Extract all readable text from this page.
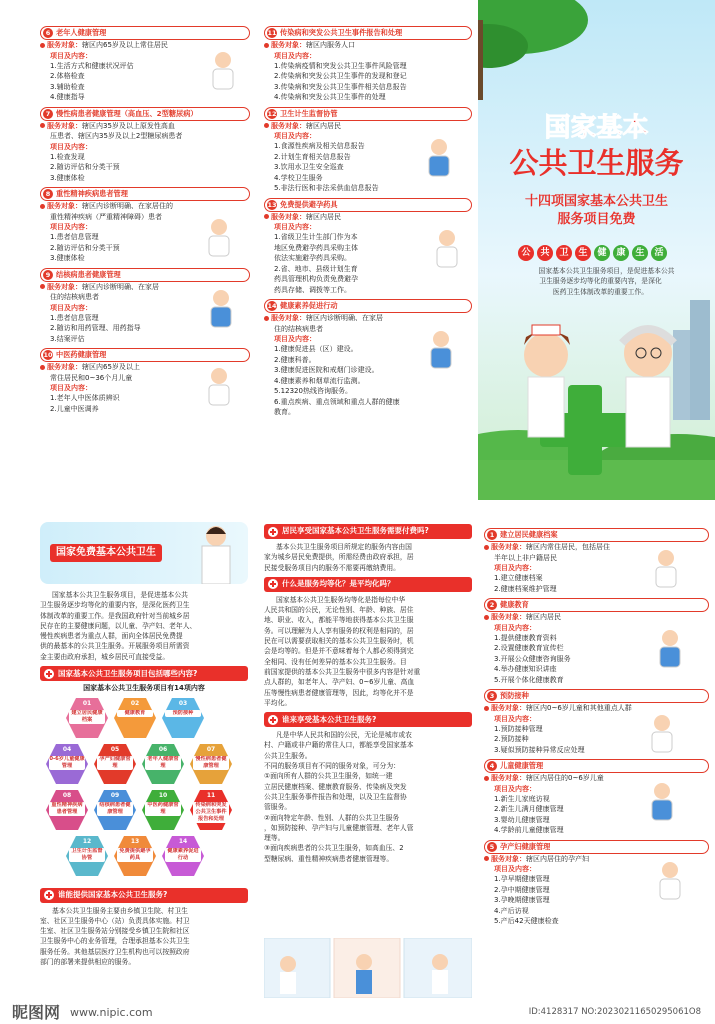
6 老年人健康管理
服务对象：辖区内65岁及以上常住居民
项目及内容：
1.生活方式和健康状况评估
2.体格检查
3.辅助检查
4.健康指导
7 慢性病患者健康管理（高血压、2型糖尿病）
服务对象：辖区内35岁及以上原发性高血
压患者、辖区内35岁及以上2型糖尿病患者
项目及内容：
1.检查发现
2.随访评估和分类干预
3.健康体检
8 重性精神疾病患者管理
服务对象：辖区内诊断明确、在家居住的
重性精神疾病（严重精神障碍）患者
项目及内容：
1.患者信息管理
2.随访评估和分类干预
3.健康体检
9 结核病患者健康管理
服务对象：辖区内诊断明确、在家居
住的结核病患者
项目及内容：
1.患者信息管理
2.随访和用药管理、用药指导
3.结案评估
10 中医药健康管理
服务对象：辖区内65岁及以上
常住居民和0~36个月儿童
项目及内容：
1.老年人中医体质辨识
2.儿童中医调养
11 传染病和突发公共卫生事件报告和处理
服务对象：辖区内服务人口
项目及内容：
1.传染病疫情和突发公共卫生事件风险管理
2.传染病和突发公共卫生事件的发现和登记
3.传染病和突发公共卫生事件相关信息报告
4.传染病和突发公共卫生事件的处理
12 卫生计生监督协管
服务对象：辖区内居民
项目及内容：
1.食源性疾病及相关信息报告
2.计划生育相关信息报告
3.饮用水卫生安全巡查
4.学校卫生服务
5.非法行医和非法采供血信息报告
13 免费提供避孕药具
服务对象：辖区内居民
项目及内容：
1.省级卫生计生部门作为本
地区免费避孕药具采购主体
依法实施避孕药具采购。
2.省、地市、县级计划生育
药具管理机构负责免费避孕
药具存储、调拨等工作。
14 健康素养促进行动
服务对象：辖区内诊断明确、在家居
住的结核病患者
项目及内容：
1.健康促进县（区）建设。
2.健康科普。
3.健康促进医院和戒烟门诊建设。
4.健康素养和烟草流行监测。
5.12320热线咨询服务。
6.重点疾病、重点领域和重点人群的健康
教育。
国家基本
公共卫生服务
十四项国家基本公共卫生
服务项目免费
公	共	卫	生	健	康	生	活
国家基本公共卫生服务项目，是促进基本公共
卫生服务逐步均等化的重要内容，是深化
医药卫生体制改革的重要工作。
国家免费基本公共卫生
国家基本公共卫生服务项目，是促进基本公共
卫生服务逐步均等化的重要内容，是深化医药卫生
体制改革的重要工作。是我国政府针对当前城乡居
民存在的主要健康问题，以儿童、孕产妇、老年人、
慢性疾病患者为重点人群，面向全体居民免费提
供的最基本的公共卫生服务。开展服务项目所需资
金主要由政府承担，城乡居民可直接受益。
国家基本公共卫生服务项目包括哪些内容?
国家基本公共卫生服务项目有14项内容
01
建立居民健康档案
02
健康教育
03
预防接种
04
0-6岁儿童健康管理
05
孕产妇健康管理
06
老年人健康管理
07
慢性病患者健康管理
08
重性精神疾病患者管理
09
结核病患者健康管理
10
中医药健康管理
11
传染病和突发公共卫生事件报告和处理
12
卫生计生监督协管
13
免费提供避孕药具
14
健康素养促进行动
谁能提供国家基本公共卫生服务?
基本公共卫生服务主要由乡镇卫生院、村卫生
室、社区卫生服务中心（站）负责具体实施。村卫
生室、社区卫生服务站分别接受乡镇卫生院和社区
卫生服务中心的业务管理，合理承担基本公共卫生
服务任务。其他基层医疗卫生机构也可以按照政府
部门的部署来提供相应的服务。
居民享受国家基本公共卫生服务需要付费吗?
基本公共卫生服务项目所规定的服务内容由国
家为城乡居民免费提供，所需经费由政府承担，居
民接受服务项目内的服务不需要再缴纳费用。
什么是服务均等化？是平均化吗？
国家基本公共卫生服务均等化是指每位中华
人民共和国的公民，无论性别、年龄、种族、居住
地、职业、收入，都能平等地获得基本公共卫生服
务。可以理解为人人享有服务的权利是相同的，居
民在可以需要获取相关的基本公共卫生服务时，机
会是均等的。但是并不意味着每个人都必须得到完
全相同、没有任何差异的基本公共卫生服务。目
前国家提供的基本公共卫生服务中很多内容是针对重
点人群的，如老年人、孕产妇、0~6岁儿童、高血
压等慢性病患者健康管理等，因此，均等化并不是
平均化。
谁来享受基本公共卫生服务?
凡是中华人民共和国的公民，无论是城市或农
村、户籍或非户籍的常住人口，都能享受国家基本
公共卫生服务。
不同的服务项目有不同的服务对象，可分为：
①面向所有人群的公共卫生服务，如统一建
立居民健康档案、健康教育服务、传染病及突发
公共卫生服务事件报告和处理，以及卫生监督协
管服务。
②面向特定年龄、性别、人群的公共卫生服务
，如预防接种、孕产妇与儿童健康管理、老年人管
理等。
③面向疾病患者的公共卫生服务，如高血压、2
型糖尿病、重性精神疾病患者健康管理等。
1 建立居民健康档案
服务对象：辖区内常住居民，包括居住
半年以上非户籍居民
项目及内容：
1.建立健康档案
2.健康档案维护管理
2 健康教育
服务对象：辖区内居民
项目及内容：
1.提供健康教育资料
2.设置健康教育宣传栏
3.开展公众健康咨询服务
4.举办健康知识讲座
5.开展个体化健康教育
3 预防接种
服务对象：辖区内0~6岁儿童和其他重点人群
项目及内容：
1.预防接种管理
2.预防接种
3.疑似预防接种异常反应处理
4 儿童健康管理
服务对象：辖区内居住的0~6岁儿童
项目及内容：
1.新生儿家庭访视
2.新生儿满月健康管理
3.婴幼儿健康管理
4.学龄前儿童健康管理
5 孕产妇健康管理
服务对象：辖区内居住的孕产妇
项目及内容：
1.孕早期健康管理
2.孕中期健康管理
3.孕晚期健康管理
4.产后访视
5.产后42天健康检查
昵图网 www.nipic.com	ID:4128317 NO:20230211650295061O8
